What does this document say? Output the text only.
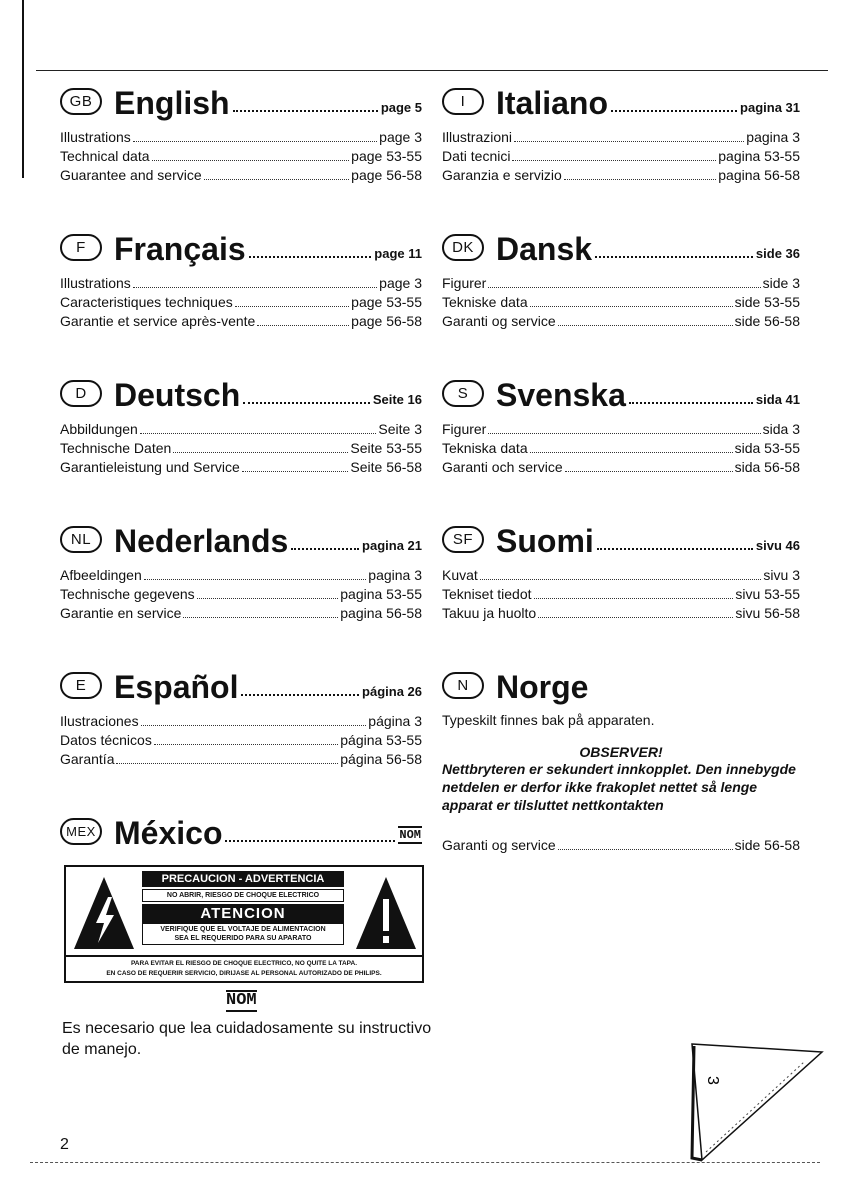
GB English	page 5
Illustrations	page 3
Technical data	page 53-55
Guarantee and service	page 56-58
I Italiano	pagina 31
Illustrazioni	pagina 3
Dati tecnici	pagina 53-55
Garanzia e servizio	pagina 56-58
F Français	page 11
Illustrations	page 3
Caracteristiques techniques	page 53-55
Garantie et service après-vente	page 56-58
DK Dansk	side 36
Figurer	side 3
Tekniske data	side 53-55
Garanti og service	side 56-58
D Deutsch	Seite 16
Abbildungen	Seite 3
Technische Daten	Seite 53-55
Garantieleistung und Service	Seite 56-58
S Svenska	sida 41
Figurer	sida 3
Tekniska data	sida 53-55
Garanti och service	sida 56-58
NL Nederlands	pagina 21
Afbeeldingen	pagina 3
Technische gegevens	pagina 53-55
Garantie en service	pagina 56-58
SF Suomi	sivu 46
Kuvat	sivu 3
Tekniset tiedot	sivu 53-55
Takuu ja huolto	sivu 56-58
E Español	página 26
Ilustraciones	página 3
Datos técnicos	página 53-55
Garantía	página 56-58
N Norge
Typeskilt finnes bak på apparaten.
OBSERVER!
Nettbryteren er sekundert innkopplet. Den innebygde netdelen er derfor ikke frakoplet nettet så lenge apparat er tilsluttet nettkontakten
Garanti og service	side 56-58
MEX México	NOM
PRECAUCION - ADVERTENCIA
NO ABRIR, RIESGO DE CHOQUE ELECTRICO
ATENCION
VERIFIQUE QUE EL VOLTAJE DE ALIMENTACION
SEA EL REQUERIDO PARA SU APARATO
PARA EVITAR EL RIESGO DE CHOQUE ELECTRICO, NO QUITE LA TAPA.
EN CASO DE REQUERIR SERVICIO, DIRIJASE AL PERSONAL AUTORIZADO DE PHILIPS.
NOM
Es necesario que lea cuidadosamente su instructivo de manejo.
2
3
